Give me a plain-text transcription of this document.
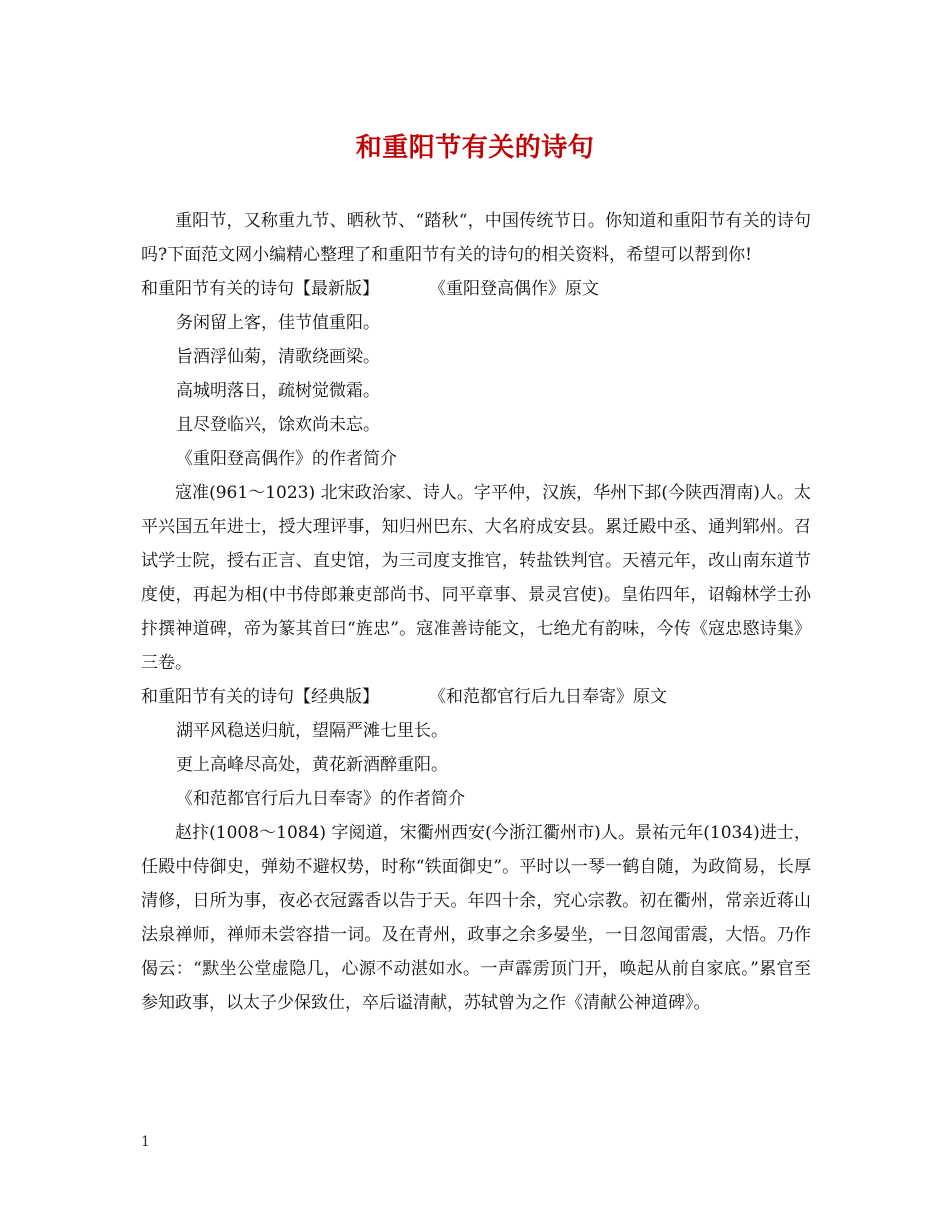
和重阳节有关的诗句

重阳节，又称重九节、晒秋节、“踏秋“，中国传统节日。你知道和重阳节有关的诗句吗?下面范文网小编精心整理了和重阳节有关的诗句的相关资料，希望可以帮到你!

和重阳节有关的诗句【最新版】	《重阳登高偶作》原文
务闲留上客，佳节值重阳。
旨酒浮仙菊，清歌绕画梁。
高城明落日，疏树觉微霜。
且尽登临兴，馀欢尚未忘。
《重阳登高偶作》的作者简介

寇准(961～1023) 北宋政治家、诗人。字平仲，汉族，华州下邽(今陕西渭南)人。太平兴国五年进士，授大理评事，知归州巴东、大名府成安县。累迁殿中丞、通判郓州。召试学士院，授右正言、直史馆，为三司度支推官，转盐铁判官。天禧元年，改山南东道节度使，再起为相(中书侍郎兼吏部尚书、同平章事、景灵宫使)。皇佑四年，诏翰林学士孙抃撰神道碑，帝为篆其首曰“旌忠”。寇准善诗能文，七绝尤有韵味，今传《寇忠愍诗集》三卷。

和重阳节有关的诗句【经典版】	《和范都官行后九日奉寄》原文
湖平风稳送归航，望隔严滩七里长。
更上高峰尽高处，黄花新酒醉重阳。
《和范都官行后九日奉寄》的作者简介

赵抃(1008～1084) 字阅道，宋衢州西安(今浙江衢州市)人。景祐元年(1034)进士，任殿中侍御史，弹劾不避权势，时称“铁面御史”。平时以一琴一鹤自随，为政简易，长厚清修，日所为事，夜必衣冠露香以告于天。年四十余，究心宗教。初在衢州，常亲近蒋山法泉禅师，禅师未尝容措一词。及在青州，政事之余多晏坐，一日忽闻雷震，大悟。乃作偈云：“默坐公堂虚隐几，心源不动湛如水。一声霹雳顶门开，唤起从前自家底。”累官至参知政事，以太子少保致仕，卒后谥清献，苏轼曾为之作《清献公神道碑》。

1
